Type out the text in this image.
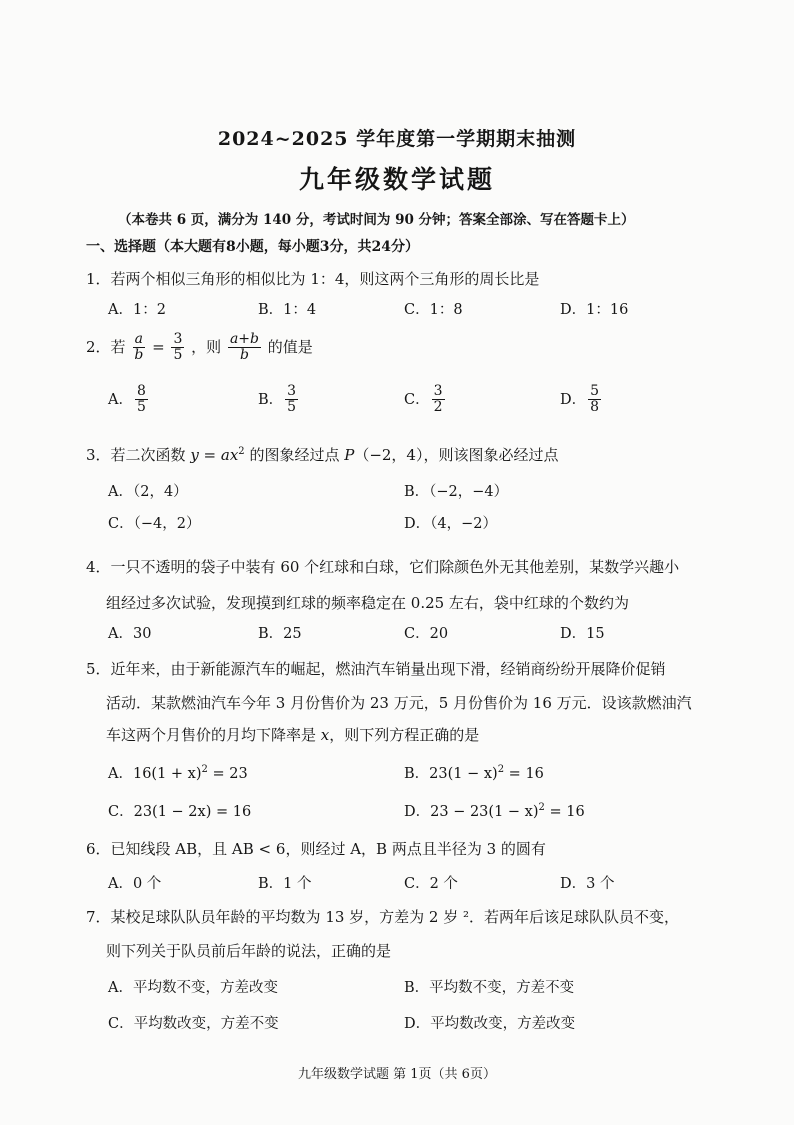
2024~2025 学年度第一学期期末抽测
九年级数学试题
（本卷共 6 页，满分为 140 分，考试时间为 90 分钟；答案全部涂、写在答题卡上）
一、选择题（本大题有8小题，每小题3分，共24分）
1．若两个相似三角形的相似比为 1：4，则这两个三角形的周长比是
A．1：2	B．1：4	C．1：8	D．1：16
2．若 $\frac{a}{b} = \frac{3}{5}$ ，则 $\frac{a+b}{b}$ 的值是
A． $\frac{8}{5}$	B． $\frac{3}{5}$	C． $\frac{3}{2}$	D． $\frac{5}{8}$
3．若二次函数 $y = ax^2$ 的图象经过点 P（−2，4），则该图象必经过点
A．（2，4）	B．（−2，−4）
C．（−4，2）	D．（4，−2）
4．一只不透明的袋子中装有 60 个红球和白球，它们除颜色外无其他差别，某数学兴趣小
组经过多次试验，发现摸到红球的频率稳定在 0.25 左右，袋中红球的个数约为
A．30	B．25	C．20	D．15
5．近年来，由于新能源汽车的崛起，燃油汽车销量出现下滑，经销商纷纷开展降价促销
活动．某款燃油汽车今年 3 月份售价为 23 万元，5 月份售价为 16 万元．设该款燃油汽
车这两个月售价的月均下降率是 x，则下列方程正确的是
A．$16(1 + x)^2 = 23$	B．$23(1 - x)^2 = 16$
C．23(1 − 2x) = 16	D．$23 - 23(1 - x)^2 = 16$
6．已知线段 AB，且 AB < 6，则经过 A，B 两点且半径为 3 的圆有
A．0 个	B．1 个	C．2 个	D．3 个
7．某校足球队队员年龄的平均数为 13 岁，方差为 2 岁 ²．若两年后该足球队队员不变，
则下列关于队员前后年龄的说法，正确的是
A．平均数不变，方差改变	B．平均数不变，方差不变
C．平均数改变，方差不变	D．平均数改变，方差改变
九年级数学试题 第 1页（共 6页）
